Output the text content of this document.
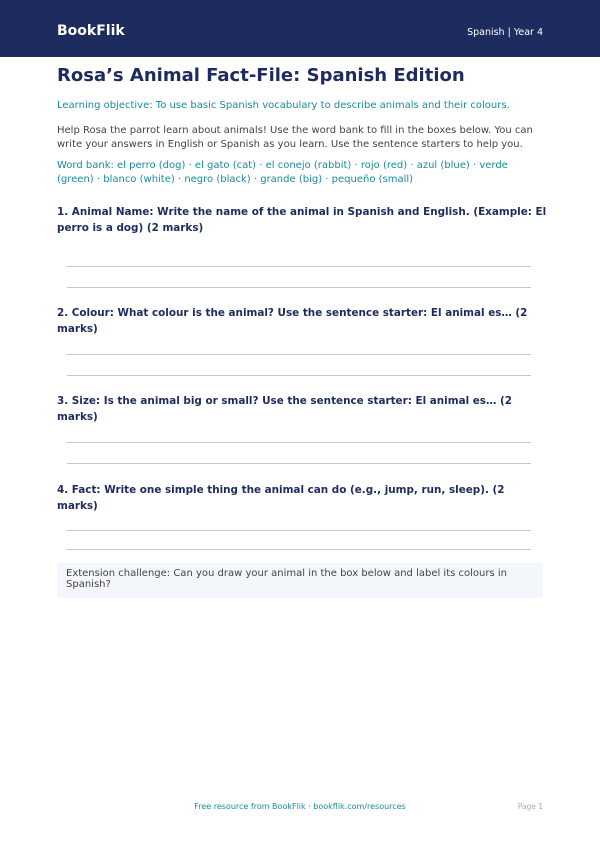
BookFlik	Spanish | Year 4
Rosa’s Animal Fact-File: Spanish Edition
Learning objective: To use basic Spanish vocabulary to describe animals and their colours.
Help Rosa the parrot learn about animals! Use the word bank to fill in the boxes below. You can write your answers in English or Spanish as you learn. Use the sentence starters to help you.
Word bank: el perro (dog) · el gato (cat) · el conejo (rabbit) · rojo (red) · azul (blue) · verde (green) · blanco (white) · negro (black) · grande (big) · pequeño (small)
1. Animal Name: Write the name of the animal in Spanish and English. (Example: El perro is a dog) (2 marks)
2. Colour: What colour is the animal? Use the sentence starter: El animal es… (2 marks)
3. Size: Is the animal big or small? Use the sentence starter: El animal es… (2 marks)
4. Fact: Write one simple thing the animal can do (e.g., jump, run, sleep). (2 marks)
Extension challenge: Can you draw your animal in the box below and label its colours in Spanish?
Free resource from BookFlik · bookflik.com/resources	Page 1
